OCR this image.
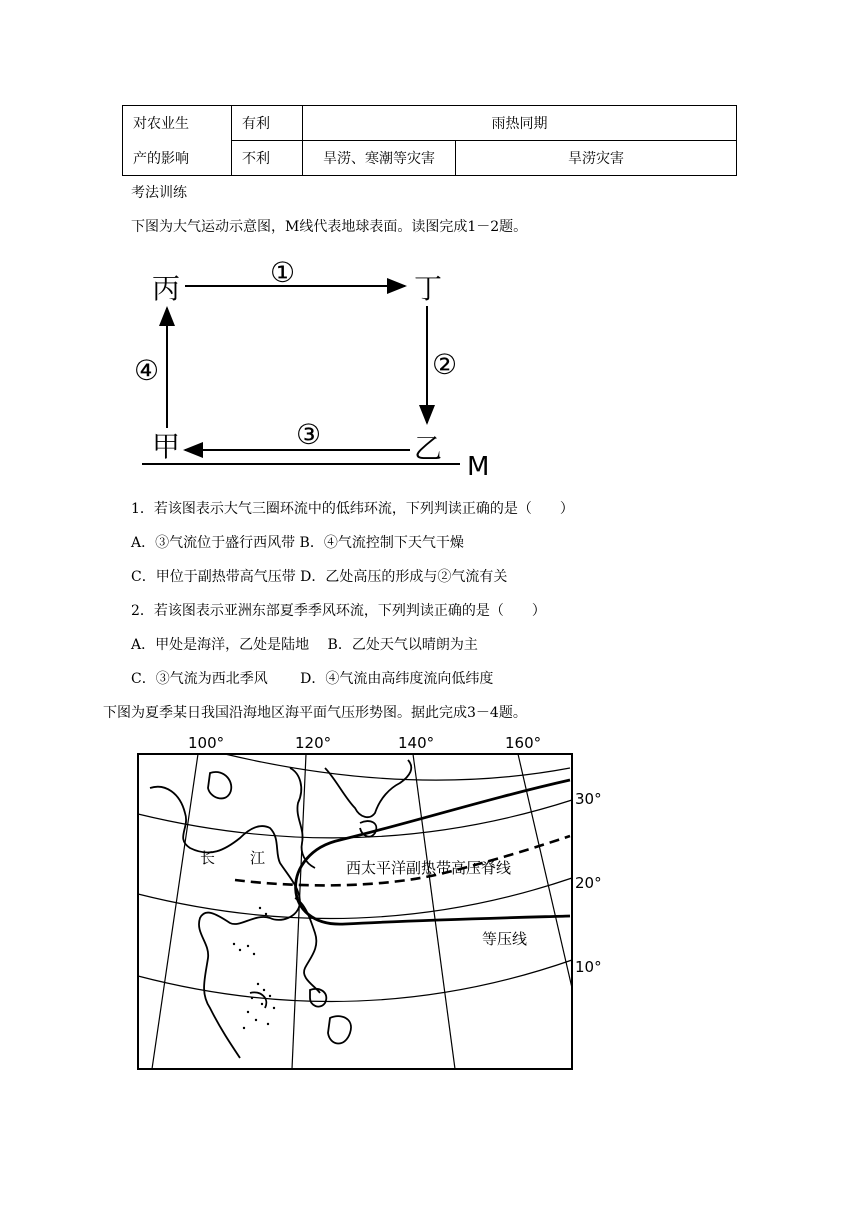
对农业生	有利	雨热同期	
产的影响	不利	旱涝、寒潮等灾害	旱涝灾害
考法训练
下图为大气运动示意图，M线代表地球表面。读图完成1－2题。
丙	丁
甲	乙
①
②
③
④
M
1．若该图表示大气三圈环流中的低纬环流，下列判读正确的是（　　）
A．③气流位于盛行西风带 B．④气流控制下天气干燥
C．甲位于副热带高气压带 D．乙处高压的形成与②气流有关
2．若该图表示亚洲东部夏季季风环流，下列判读正确的是（　　）
A．甲处是海洋，乙处是陆地　 B．乙处天气以晴朗为主
C．③气流为西北季风　　 D．④气流由高纬度流向低纬度
下图为夏季某日我国沿海地区海平面气压形势图。据此完成3－4题。
100°	120°	140°	160°
30°
20°
10°
长 江
西太平洋副热带高压脊线
等压线
